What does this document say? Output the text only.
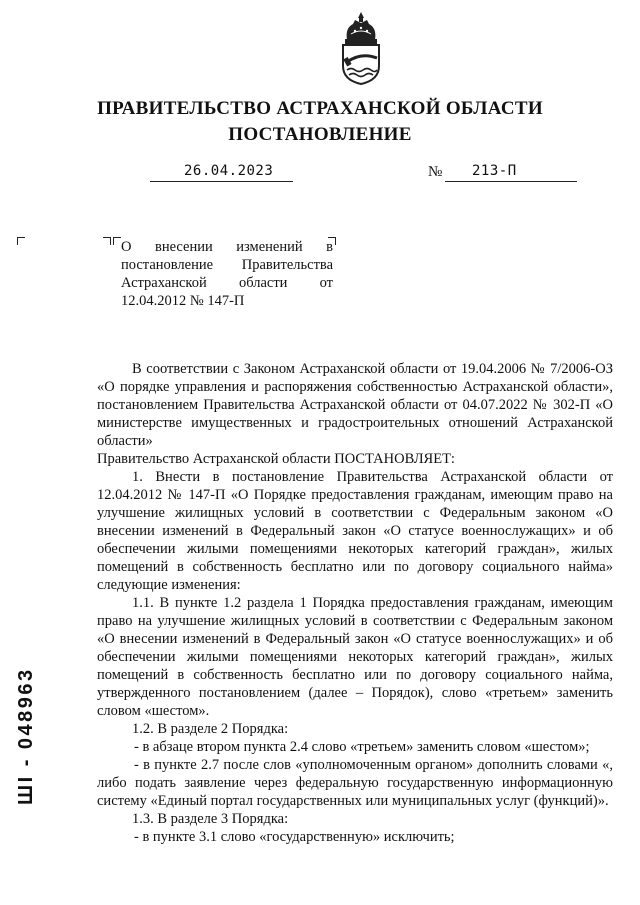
ПРАВИТЕЛЬСТВО АСТРАХАНСКОЙ ОБЛАСТИ
ПОСТАНОВЛЕНИЕ
26.04.2023	№ 213-П

О внесении изменений в постановление Правительства Астраханской области от 12.04.2012 № 147-П

В соответствии с Законом Астраханской области от 19.04.2006 № 7/2006-ОЗ «О порядке управления и распоряжения собственностью Астраханской области», постановлением Правительства Астраханской области от 04.07.2022 № 302-П «О министерстве имущественных и градостроительных отношений Астраханской области»

Правительство Астраханской области ПОСТАНОВЛЯЕТ:

1. Внести в постановление Правительства Астраханской области от 12.04.2012 № 147-П «О Порядке предоставления гражданам, имеющим право на улучшение жилищных условий в соответствии с Федеральным законом «О внесении изменений в Федеральный закон «О статусе военнослужащих» и об обеспечении жилыми помещениями некоторых категорий граждан», жилых помещений в собственность бесплатно или по договору социального найма» следующие изменения:

1.1. В пункте 1.2 раздела 1 Порядка предоставления гражданам, имеющим право на улучшение жилищных условий в соответствии с Федеральным законом «О внесении изменений в Федеральный закон «О статусе военнослужащих» и об обеспечении жилыми помещениями некоторых категорий граждан», жилых помещений в собственность бесплатно или по договору социального найма, утвержденного постановлением (далее – Порядок), слово «третьем» заменить словом «шестом».

1.2. В разделе 2 Порядка:

- в абзаце втором пункта 2.4 слово «третьем» заменить словом «шестом»;

- в пункте 2.7 после слов «уполномоченным органом» дополнить словами «, либо подать заявление через федеральную государственную информационную систему «Единый портал государственных или муниципальных услуг (функций)».

1.3. В разделе 3 Порядка:

- в пункте 3.1 слово «государственную» исключить;

ШІ - 048963
